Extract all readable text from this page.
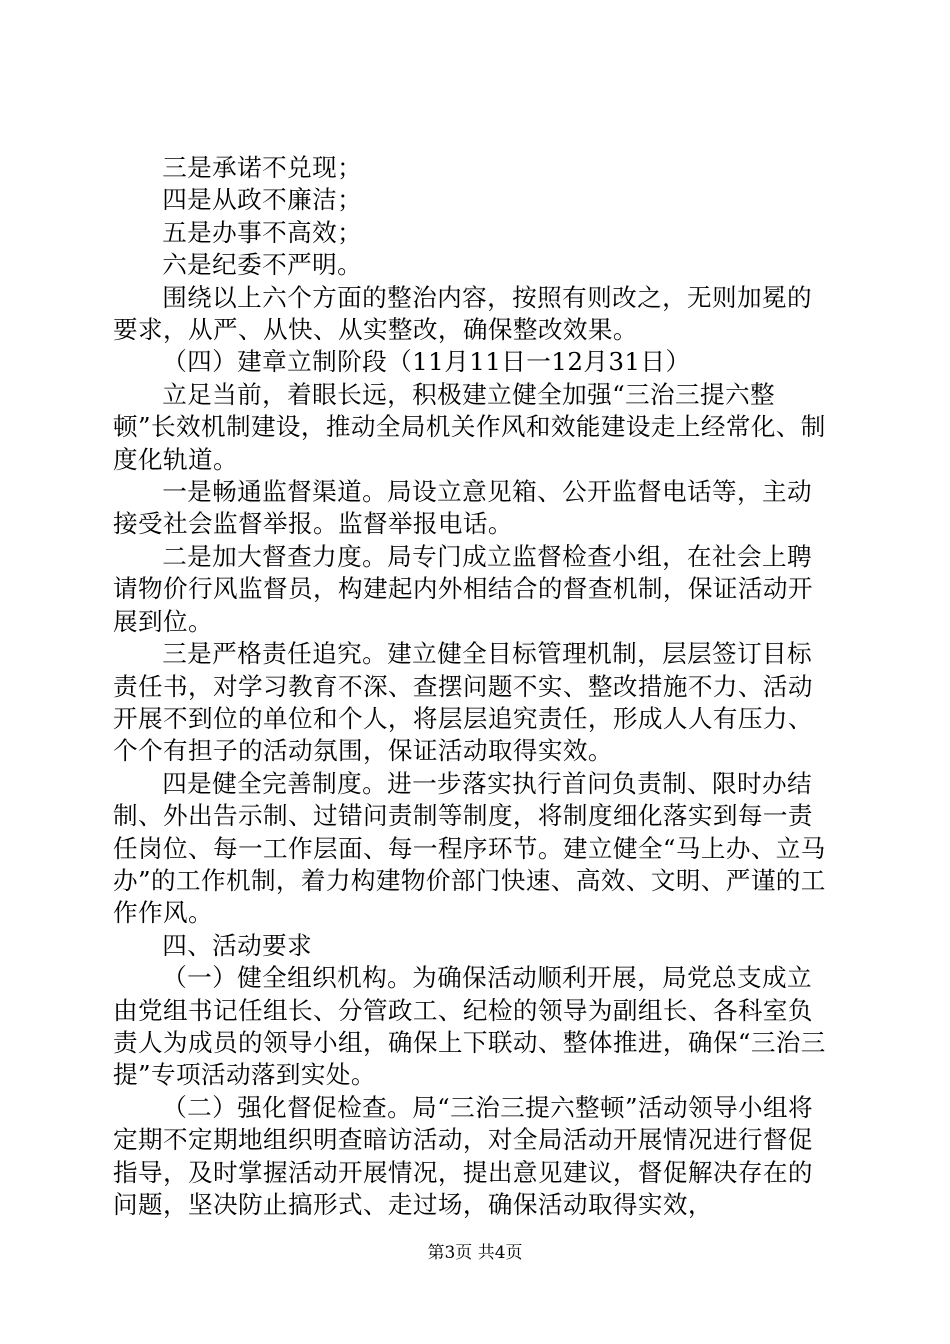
三是承诺不兑现；

四是从政不廉洁；

五是办事不高效；

六是纪委不严明。

围绕以上六个方面的整治内容，按照有则改之，无则加冕的要求，从严、从快、从实整改，确保整改效果。

（四）建章立制阶段（11月11日一12月31日）

立足当前，着眼长远，积极建立健全加强“三治三提六整顿”长效机制建设，推动全局机关作风和效能建设走上经常化、制度化轨道。

一是畅通监督渠道。局设立意见箱、公开监督电话等，主动接受社会监督举报。监督举报电话。

二是加大督查力度。局专门成立监督检查小组，在社会上聘请物价行风监督员，构建起内外相结合的督查机制，保证活动开展到位。

三是严格责任追究。建立健全目标管理机制，层层签订目标责任书，对学习教育不深、查摆问题不实、整改措施不力、活动开展不到位的单位和个人，将层层追究责任，形成人人有压力、个个有担子的活动氛围，保证活动取得实效。

四是健全完善制度。进一步落实执行首问负责制、限时办结制、外出告示制、过错问责制等制度，将制度细化落实到每一责任岗位、每一工作层面、每一程序环节。建立健全“马上办、立马办”的工作机制，着力构建物价部门快速、高效、文明、严谨的工作作风。

四、活动要求

（一）健全组织机构。为确保活动顺利开展，局党总支成立由党组书记任组长、分管政工、纪检的领导为副组长、各科室负责人为成员的领导小组，确保上下联动、整体推进，确保“三治三提”专项活动落到实处。

（二）强化督促检查。局“三治三提六整顿”活动领导小组将定期不定期地组织明查暗访活动，对全局活动开展情况进行督促指导，及时掌握活动开展情况，提出意见建议，督促解决存在的问题，坚决防止搞形式、走过场，确保活动取得实效，

第3页 共4页
